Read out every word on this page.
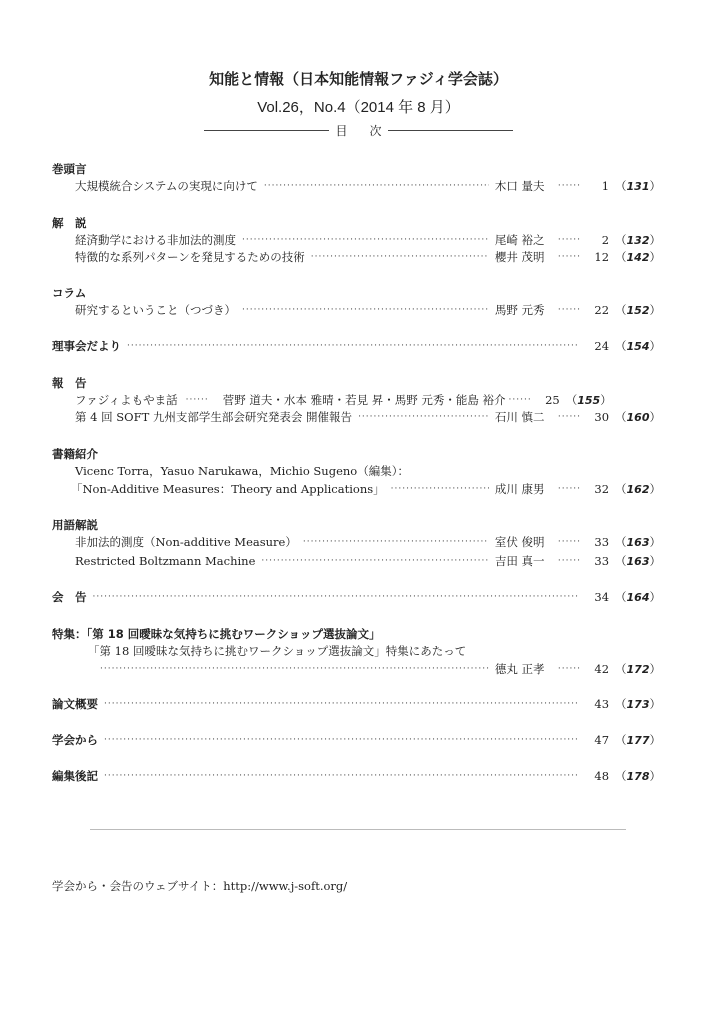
知能と情報（日本知能情報ファジィ学会誌）
Vol.26，No.4（2014 年 8 月）
目次
巻頭言
大規模統合システムの実現に向けて ·····	木口 量夫 ······	1 （131）
解　説
経済動学における非加法的測度 ·····	尾崎 裕之 ······	2 （132）
特徴的な系列パターンを発見するための技術 ·····	櫻井 茂明 ······	12 （142）
コラム
研究するということ（つづき） ·····	馬野 元秀 ······	22 （152）
理事会だより ·····	24 （154）
報　告
ファジィよもやま話 ······	菅野 道夫・水本 雅晴・若見 昇・馬野 元秀・能島 裕介 ······	25 （155）
第 4 回 SOFT 九州支部学生部会研究発表会 開催報告 ·····	石川 慎二 ······	30 （160）
書籍紹介
Vicenc Torra，Yasuo Narukawa，Michio Sugeno（編集）：
「Non‐Additive Measures：Theory and Applications」 ·····	成川 康男 ······	32 （162）
用語解説
非加法的測度（Non‐additive Measure） ·····	室伏 俊明 ······	33 （163）
Restricted Boltzmann Machine ·····	吉田 真一 ······	33 （163）
会　告 ·····	34 （164）
特集：「第 18 回曖昧な気持ちに挑むワークショップ選抜論文」
「第 18 回曖昧な気持ちに挑むワークショップ選抜論文」特集にあたって
·····
德丸 正孝 ······	42 （172）
論文概要 ·····	43 （173）
学会から ·····	47 （177）
編集後記 ·····	48 （178）
学会から・会告のウェブサイト：http://www.j-soft.org/
